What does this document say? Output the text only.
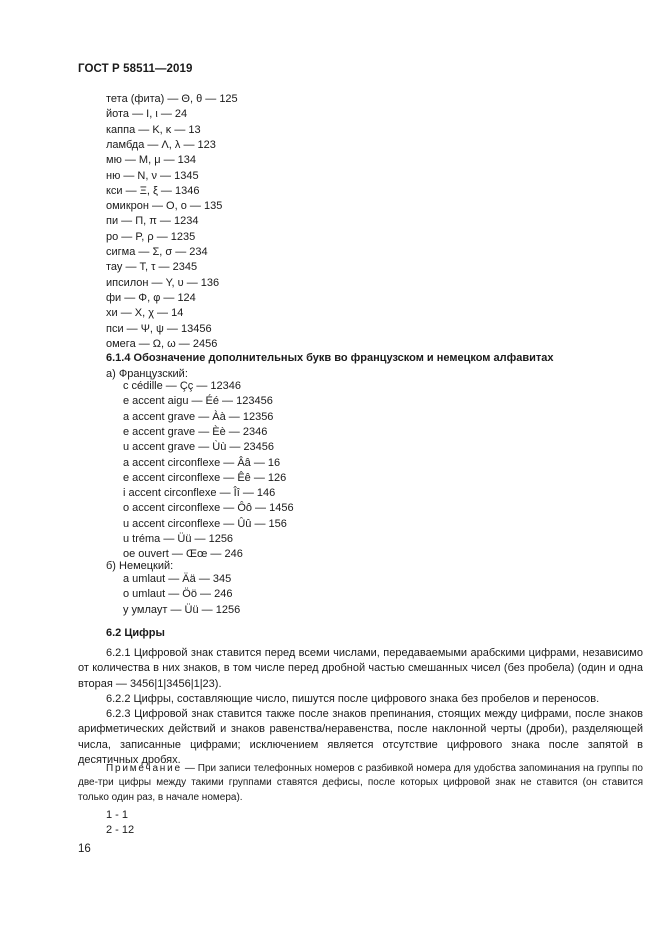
ГОСТ Р 58511—2019
тета (фита) — Θ, θ — 125
йота — Ι, ι — 24
каппа — Κ, κ — 13
ламбда — Λ, λ — 123
мю — Μ, μ — 134
ню — Ν, ν — 1345
кси — Ξ, ξ — 1346
омикрон — Ο, ο — 135
пи — Π, π — 1234
ро — Ρ, ρ — 1235
сигма — Σ, σ — 234
тау — Τ, τ — 2345
ипсилон — Υ, υ — 136
фи — Φ, φ — 124
хи — Χ, χ — 14
пси — Ψ, ψ — 13456
омега — Ω, ω — 2456
6.1.4 Обозначение дополнительных букв во французском и немецком алфавитах
а) Французский:
c cédille — Çç — 12346
e accent aigu — Éé — 123456
a accent grave — Àà — 12356
e accent grave — Èè — 2346
u accent grave — Ùù — 23456
a accent circonflexe — Ââ — 16
e accent circonflexe — Êê — 126
i accent circonflexe — Îî — 146
o accent circonflexe — Ôô — 1456
u accent circonflexe — Ûû — 156
u tréma — Üü — 1256
oe ouvert — Œœ — 246
б) Немецкий:
a umlaut — Ää — 345
o umlaut — Öö — 246
у умлаут — Üü — 1256
6.2 Цифры

6.2.1 Цифровой знак ставится перед всеми числами, передаваемыми арабскими цифрами, независимо от количества в них знаков, в том числе перед дробной частью смешанных чисел (без пробела) (один и одна вторая — 3456|1|3456|1|23).

6.2.2 Цифры, составляющие число, пишутся после цифрового знака без пробелов и переносов.

6.2.3 Цифровой знак ставится также после знаков препинания, стоящих между цифрами, после знаков арифметических действий и знаков равенства/неравенства, после наклонной черты (дроби), разделяющей числа, записанные цифрами; исключением является отсутствие цифрового знака после запятой в десятичных дробях.

Примечание — При записи телефонных номеров с разбивкой номера для удобства запоминания на группы по две-три цифры между такими группами ставятся дефисы, после которых цифровой знак не ставится (он ставится только один раз, в начале номера).
1 - 1
2 - 12
16
